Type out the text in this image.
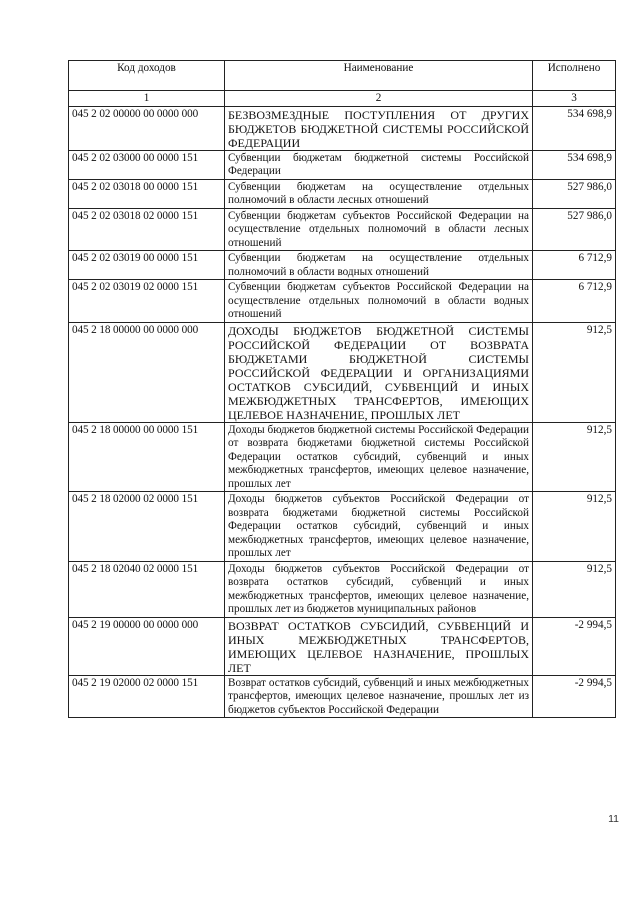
Код доходов	Наименование	Исполнено
1	2	3
045 2 02 00000 00 0000 000	БЕЗВОЗМЕЗДНЫЕ ПОСТУПЛЕНИЯ ОТ ДРУГИХ БЮДЖЕТОВ БЮДЖЕТНОЙ СИСТЕМЫ РОССИЙСКОЙ ФЕДЕРАЦИИ	534 698,9
045 2 02 03000 00 0000 151	Субвенции бюджетам бюджетной системы Российской Федерации	534 698,9
045 2 02 03018 00 0000 151	Субвенции бюджетам на осуществление отдельных полномочий в области лесных отношений	527 986,0
045 2 02 03018 02 0000 151	Субвенции бюджетам субъектов Российской Федерации на осуществление отдельных полномочий в области лесных отношений	527 986,0
045 2 02 03019 00 0000 151	Субвенции бюджетам на осуществление отдельных полномочий в области водных отношений	6 712,9
045 2 02 03019 02 0000 151	Субвенции бюджетам субъектов Российской Федерации на осуществление отдельных полномочий в области водных отношений	6 712,9
045 2 18 00000 00 0000 000	ДОХОДЫ БЮДЖЕТОВ БЮДЖЕТНОЙ СИСТЕМЫ РОССИЙСКОЙ ФЕДЕРАЦИИ ОТ ВОЗВРАТА БЮДЖЕТАМИ БЮДЖЕТНОЙ СИСТЕМЫ РОССИЙСКОЙ ФЕДЕРАЦИИ И ОРГАНИЗАЦИЯМИ ОСТАТКОВ СУБСИДИЙ, СУБВЕНЦИЙ И ИНЫХ МЕЖБЮДЖЕТНЫХ ТРАНСФЕРТОВ, ИМЕЮЩИХ ЦЕЛЕВОЕ НАЗНАЧЕНИЕ, ПРОШЛЫХ ЛЕТ	912,5
045 2 18 00000 00 0000 151	Доходы бюджетов бюджетной системы Российской Федерации от возврата бюджетами бюджетной системы Российской Федерации остатков субсидий, субвенций и иных межбюджетных трансфертов, имеющих целевое назначение, прошлых лет	912,5
045 2 18 02000 02 0000 151	Доходы бюджетов субъектов Российской Федерации от возврата бюджетами бюджетной системы Российской Федерации остатков субсидий, субвенций и иных межбюджетных трансфертов, имеющих целевое назначение, прошлых лет	912,5
045 2 18 02040 02 0000 151	Доходы бюджетов субъектов Российской Федерации от возврата остатков субсидий, субвенций и иных межбюджетных трансфертов, имеющих целевое назначение, прошлых лет из бюджетов муниципальных районов	912,5
045 2 19 00000 00 0000 000	ВОЗВРАТ ОСТАТКОВ СУБСИДИЙ, СУБВЕНЦИЙ И ИНЫХ МЕЖБЮДЖЕТНЫХ ТРАНСФЕРТОВ, ИМЕЮЩИХ ЦЕЛЕВОЕ НАЗНАЧЕНИЕ, ПРОШЛЫХ ЛЕТ	-2 994,5
045 2 19 02000 02 0000 151	Возврат остатков субсидий, субвенций и иных межбюджетных трансфертов, имеющих целевое назначение, прошлых лет из бюджетов субъектов Российской Федерации	-2 994,5
11
